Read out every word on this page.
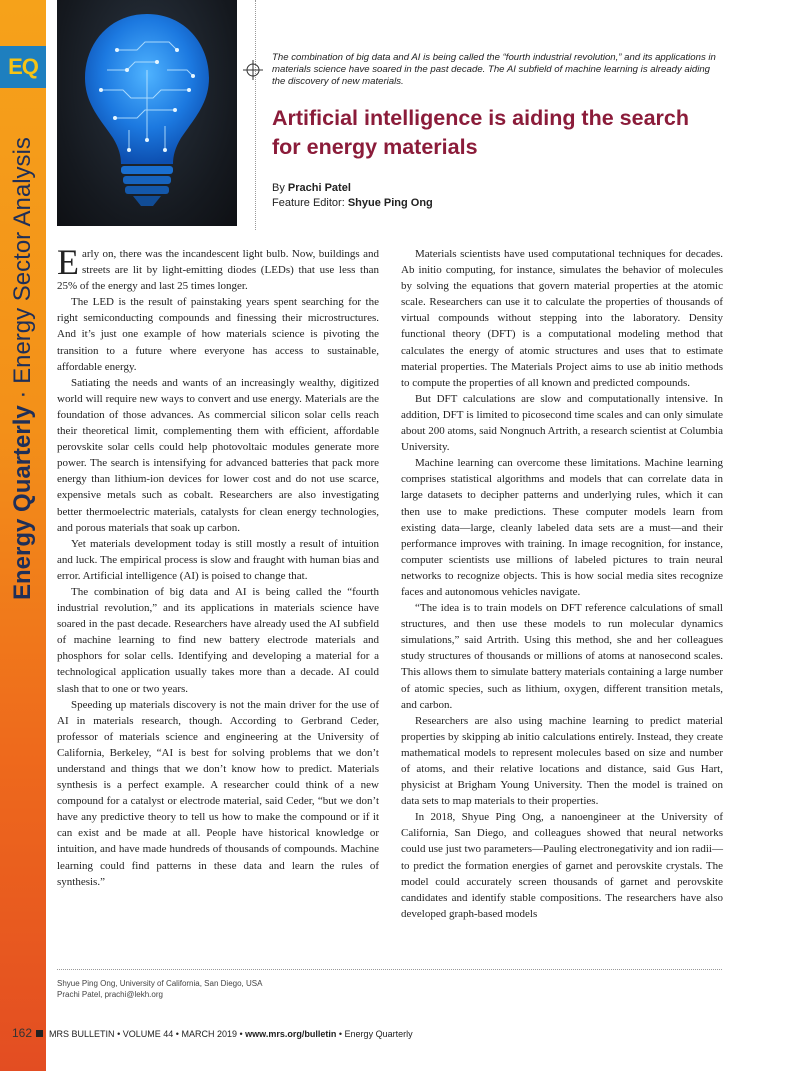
EQ
Energy Quarterly · Energy Sector Analysis

The combination of big data and AI is being called the “fourth industrial revolution,” and its applications in materials science have soared in the past decade. The AI subfield of machine learning is already aiding the discovery of new materials.

Artificial intelligence is aiding the search for energy materials
By Prachi Patel
Feature Editor: Shyue Ping Ong

Early on, there was the incandescent light bulb. Now, buildings and streets are lit by light-emitting diodes (LEDs) that use less than 25% of the energy and last 25 times longer.

The LED is the result of painstaking years spent searching for the right semiconducting compounds and finessing their microstructures. And it’s just one example of how materials science is pivoting the transition to a future where everyone has access to sustainable, affordable energy.

Satiating the needs and wants of an increasingly wealthy, digitized world will require new ways to convert and use energy. Materials are the foundation of those advances. As commercial silicon solar cells reach their theoretical limit, complementing them with efficient, affordable perovskite solar cells could help photovoltaic modules generate more power. The search is intensifying for advanced batteries that pack more energy than lithium-ion devices for lower cost and do not use scarce, expensive metals such as cobalt. Researchers are also investigating better thermoelectric materials, catalysts for clean energy technologies, and porous materials that soak up carbon.

Yet materials development today is still mostly a result of intuition and luck. The empirical process is slow and fraught with human bias and error. Artificial intelligence (AI) is poised to change that.

The combination of big data and AI is being called the “fourth industrial revolution,” and its applications in materials science have soared in the past decade. Researchers have already used the AI subfield of machine learning to find new battery electrode materials and phosphors for solar cells. Identifying and developing a material for a technological application usually takes more than a decade. AI could slash that to one or two years.

Speeding up materials discovery is not the main driver for the use of AI in materials research, though. According to Gerbrand Ceder, professor of materials science and engineering at the University of California, Berkeley, “AI is best for solving problems that we don’t understand and things that we don’t know how to predict. Materials synthesis is a perfect example. A researcher could think of a new compound for a catalyst or electrode material, said Ceder, “but we don’t have any predictive theory to tell us how to make the compound or if it can exist and be made at all. People have historical knowledge or intuition, and have made hundreds of thousands of compounds. Machine learning could find patterns in these data and learn the rules of synthesis.”

Materials scientists have used computational techniques for decades. Ab initio computing, for instance, simulates the behavior of molecules by solving the equations that govern material properties at the atomic scale. Researchers can use it to calculate the properties of thousands of virtual compounds without stepping into the laboratory. Density functional theory (DFT) is a computational modeling method that calculates the energy of atomic structures and uses that to estimate material properties. The Materials Project aims to use ab initio methods to compute the properties of all known and predicted compounds.

But DFT calculations are slow and computationally intensive. In addition, DFT is limited to picosecond time scales and can only simulate about 200 atoms, said Nongnuch Artrith, a research scientist at Columbia University.

Machine learning can overcome these limitations. Machine learning comprises statistical algorithms and models that can correlate data in large datasets to decipher patterns and underlying rules, which it can then use to make predictions. These computer models learn from existing data—large, cleanly labeled data sets are a must—and their performance improves with training. In image recognition, for instance, computer scientists use millions of labeled pictures to train neural networks to recognize objects. This is how social media sites recognize faces and autonomous vehicles navigate.

“The idea is to train models on DFT reference calculations of small structures, and then use these models to run molecular dynamics simulations,” said Artrith. Using this method, she and her colleagues study structures of thousands or millions of atoms at nanosecond scales. This allows them to simulate battery materials containing a large number of atomic species, such as lithium, oxygen, different transition metals, and carbon.

Researchers are also using machine learning to predict material properties by skipping ab initio calculations entirely. Instead, they create mathematical models to represent molecules based on size and number of atoms, and their relative locations and distance, said Gus Hart, physicist at Brigham Young University. Then the model is trained on data sets to map materials to their properties.

In 2018, Shyue Ping Ong, a nanoengineer at the University of California, San Diego, and colleagues showed that neural networks could use just two parameters—Pauling electronegativity and ion radii—to predict the formation energies of garnet and perovskite crystals. The model could accurately screen thousands of garnet and perovskite candidates and identify stable compositions. The researchers have also developed graph-based models

Shyue Ping Ong, University of California, San Diego, USA
Prachi Patel, prachi@lekh.org
162 MRS BULLETIN • VOLUME 44 • MARCH 2019 • www.mrs.org/bulletin • Energy Quarterly
